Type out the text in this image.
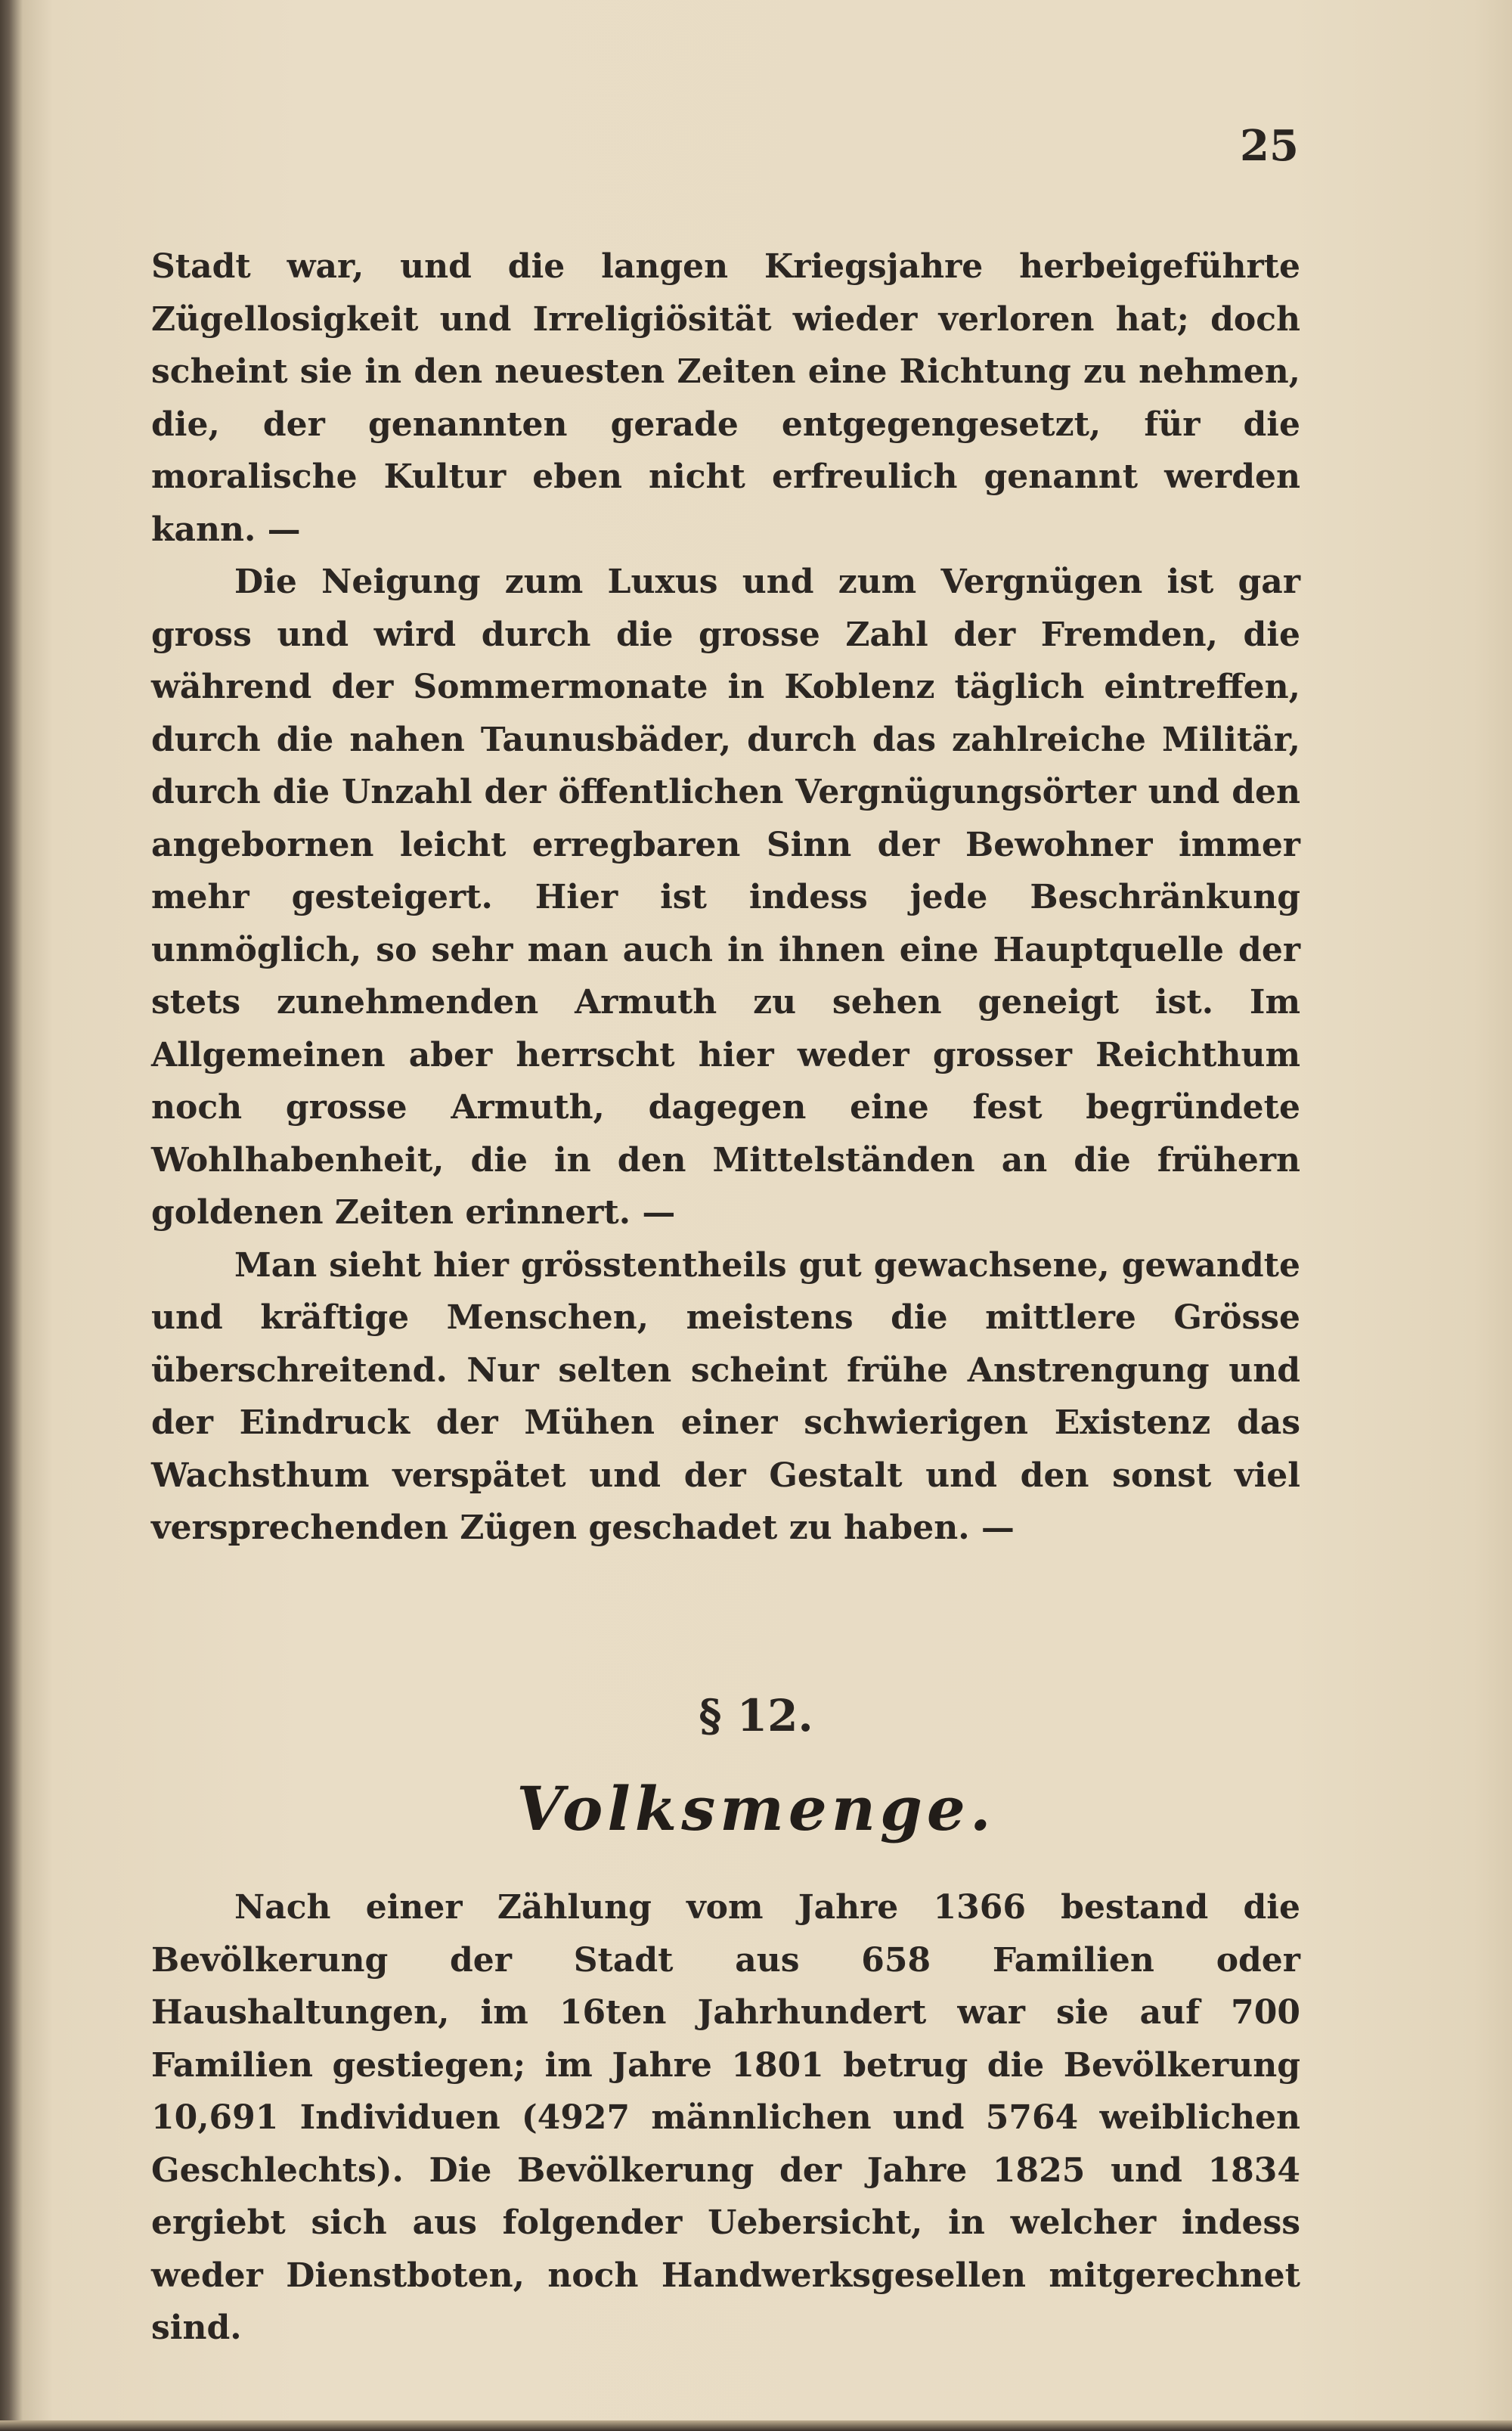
25

Stadt war, und die langen Kriegsjahre herbeigeführte Zügellosigkeit und Irreligiösität wieder verloren hat; doch scheint sie in den neuesten Zeiten eine Richtung zu nehmen, die, der genannten gerade entgegengesetzt, für die moralische Kultur eben nicht erfreulich genannt werden kann. —

Die Neigung zum Luxus und zum Vergnügen ist gar gross und wird durch die grosse Zahl der Fremden, die während der Sommermonate in Koblenz täglich eintreffen, durch die nahen Taunusbäder, durch das zahlreiche Militär, durch die Unzahl der öffentlichen Vergnügungsörter und den angebornen leicht erregbaren Sinn der Bewohner immer mehr gesteigert. Hier ist indess jede Beschränkung unmöglich, so sehr man auch in ihnen eine Hauptquelle der stets zunehmenden Armuth zu sehen geneigt ist. Im Allgemeinen aber herrscht hier weder grosser Reichthum noch grosse Armuth, dagegen eine fest begründete Wohlhabenheit, die in den Mittelständen an die frühern goldenen Zeiten erinnert. —

Man sieht hier grösstentheils gut gewachsene, gewandte und kräftige Menschen, meistens die mittlere Grösse überschreitend. Nur selten scheint frühe Anstrengung und der Eindruck der Mühen einer schwierigen Existenz das Wachsthum verspätet und der Gestalt und den sonst viel versprechenden Zügen geschadet zu haben. —

§ 12.
Volksmenge.

Nach einer Zählung vom Jahre 1366 bestand die Bevölkerung der Stadt aus 658 Familien oder Haushaltungen, im 16ten Jahrhundert war sie auf 700 Familien gestiegen; im Jahre 1801 betrug die Bevölkerung 10,691 Individuen (4927 männlichen und 5764 weiblichen Geschlechts). Die Bevölkerung der Jahre 1825 und 1834 ergiebt sich aus folgender Uebersicht, in welcher indess weder Dienstboten, noch Handwerksgesellen mitgerechnet sind.
